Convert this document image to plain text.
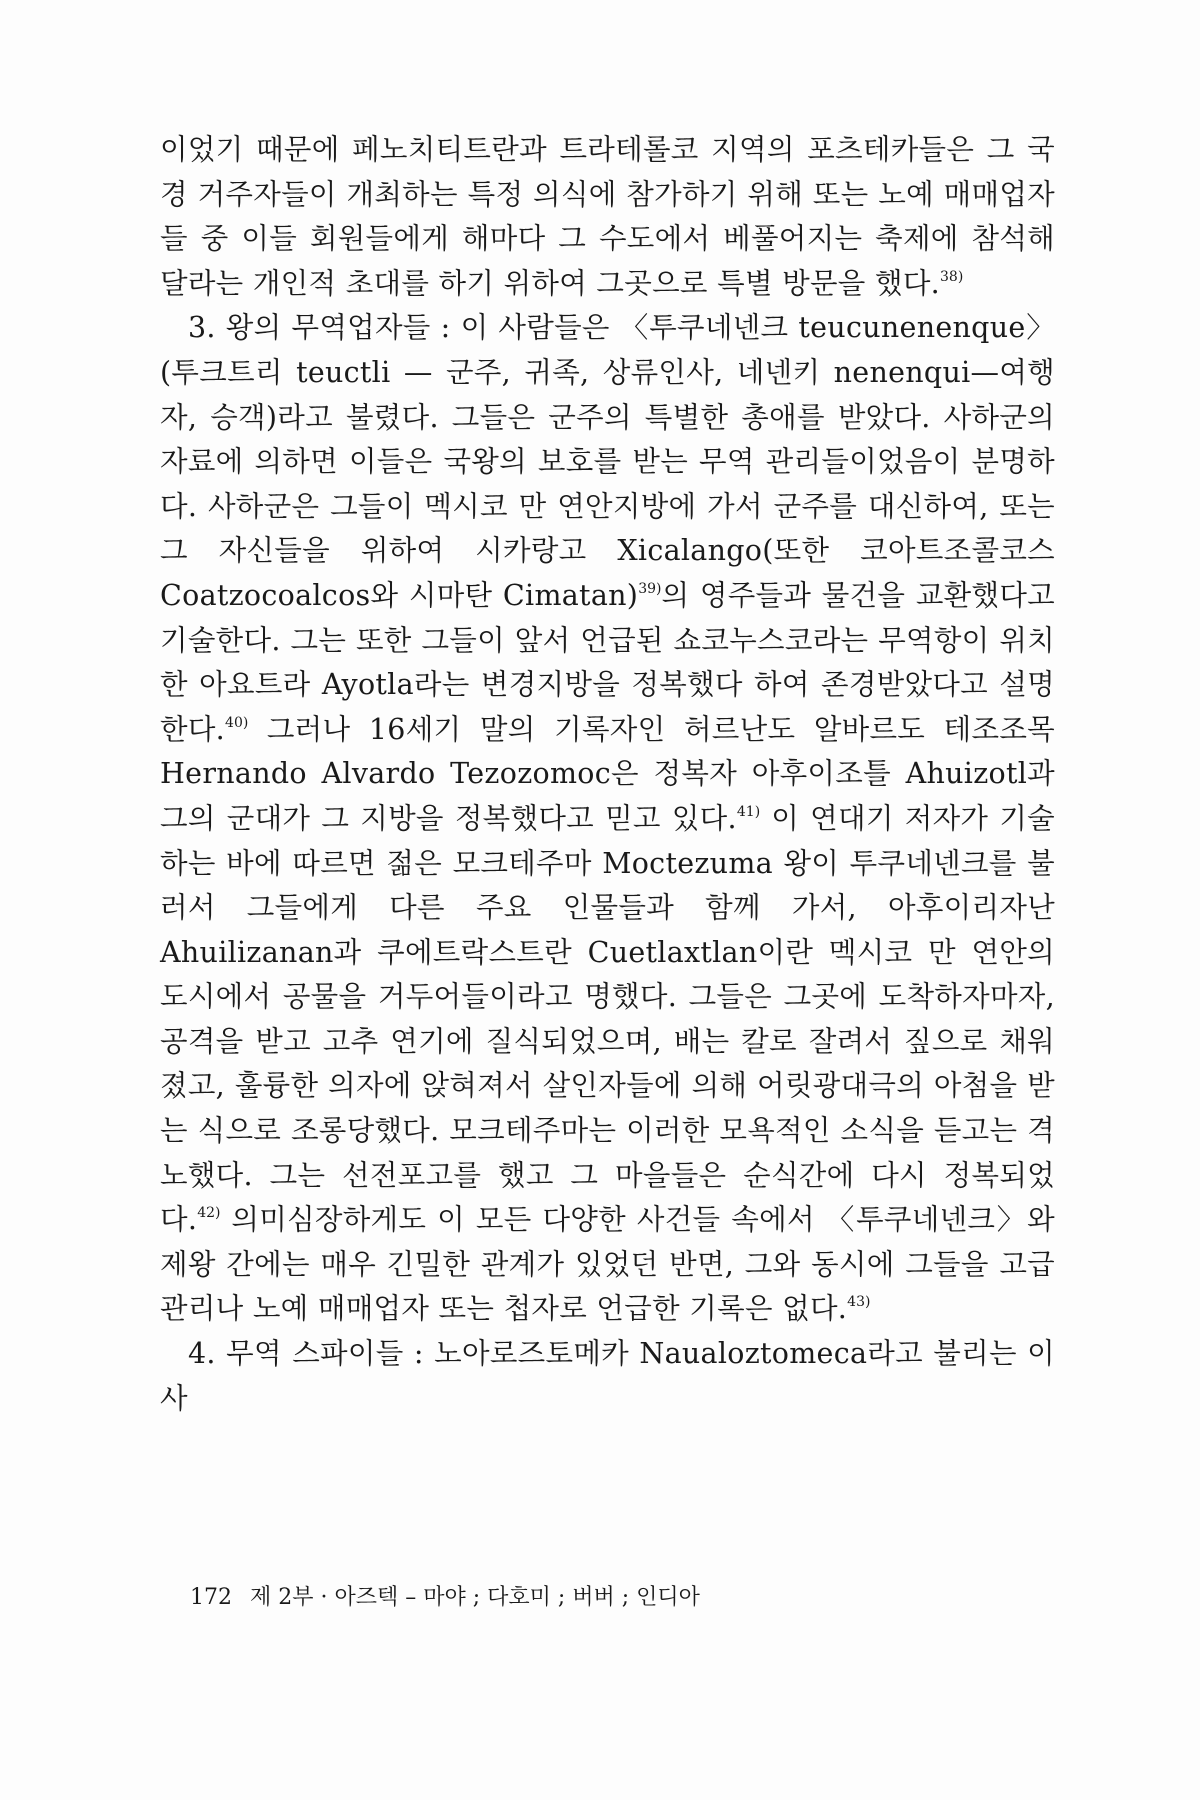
이었기 때문에 페노치티트란과 트라테롤코 지역의 포츠테카들은 그 국경 거주자들이 개최하는 특정 의식에 참가하기 위해 또는 노예 매매업자들 중 이들 회원들에게 해마다 그 수도에서 베풀어지는 축제에 참석해 달라는 개인적 초대를 하기 위하여 그곳으로 특별 방문을 했다.$^{38)}$

3. 왕의 무역업자들 : 이 사람들은 〈투쿠네넨크 teucunenenque〉(투크트리 teuctli — 군주, 귀족, 상류인사, 네넨키 nenenqui—여행자, 승객)라고 불렸다. 그들은 군주의 특별한 총애를 받았다. 사하군의 자료에 의하면 이들은 국왕의 보호를 받는 무역 관리들이었음이 분명하다. 사하군은 그들이 멕시코 만 연안지방에 가서 군주를 대신하여, 또는 그 자신들을 위하여 시카랑고 Xicalango(또한 코아트조콜코스 Coatzocoalcos와 시마탄 Cimatan)$^{39)}$의 영주들과 물건을 교환했다고 기술한다. 그는 또한 그들이 앞서 언급된 쇼코누스코라는 무역항이 위치한 아요트라 Ayotla라는 변경지방을 정복했다 하여 존경받았다고 설명한다.$^{40)}$ 그러나 16세기 말의 기록자인 허르난도 알바르도 테조조목 Hernando Alvardo Tezozomoc은 정복자 아후이조틀 Ahuizotl과 그의 군대가 그 지방을 정복했다고 믿고 있다.$^{41)}$ 이 연대기 저자가 기술하는 바에 따르면 젊은 모크테주마 Moctezuma 왕이 투쿠네넨크를 불러서 그들에게 다른 주요 인물들과 함께 가서, 아후이리자난 Ahuilizanan과 쿠에트락스트란 Cuetlaxtlan이란 멕시코 만 연안의 도시에서 공물을 거두어들이라고 명했다. 그들은 그곳에 도착하자마자, 공격을 받고 고추 연기에 질식되었으며, 배는 칼로 잘려서 짚으로 채워졌고, 훌륭한 의자에 앉혀져서 살인자들에 의해 어릿광대극의 아첨을 받는 식으로 조롱당했다. 모크테주마는 이러한 모욕적인 소식을 듣고는 격노했다. 그는 선전포고를 했고 그 마을들은 순식간에 다시 정복되었다.$^{42)}$ 의미심장하게도 이 모든 다양한 사건들 속에서 〈투쿠네넨크〉와 제왕 간에는 매우 긴밀한 관계가 있었던 반면, 그와 동시에 그들을 고급관리나 노예 매매업자 또는 첩자로 언급한 기록은 없다.$^{43)}$

4. 무역 스파이들 : 노아로즈토메카 Naualoztomeca라고 불리는 이 사

172 제 2부 · 아즈텍 – 마야 ; 다호미 ; 버버 ; 인디아
